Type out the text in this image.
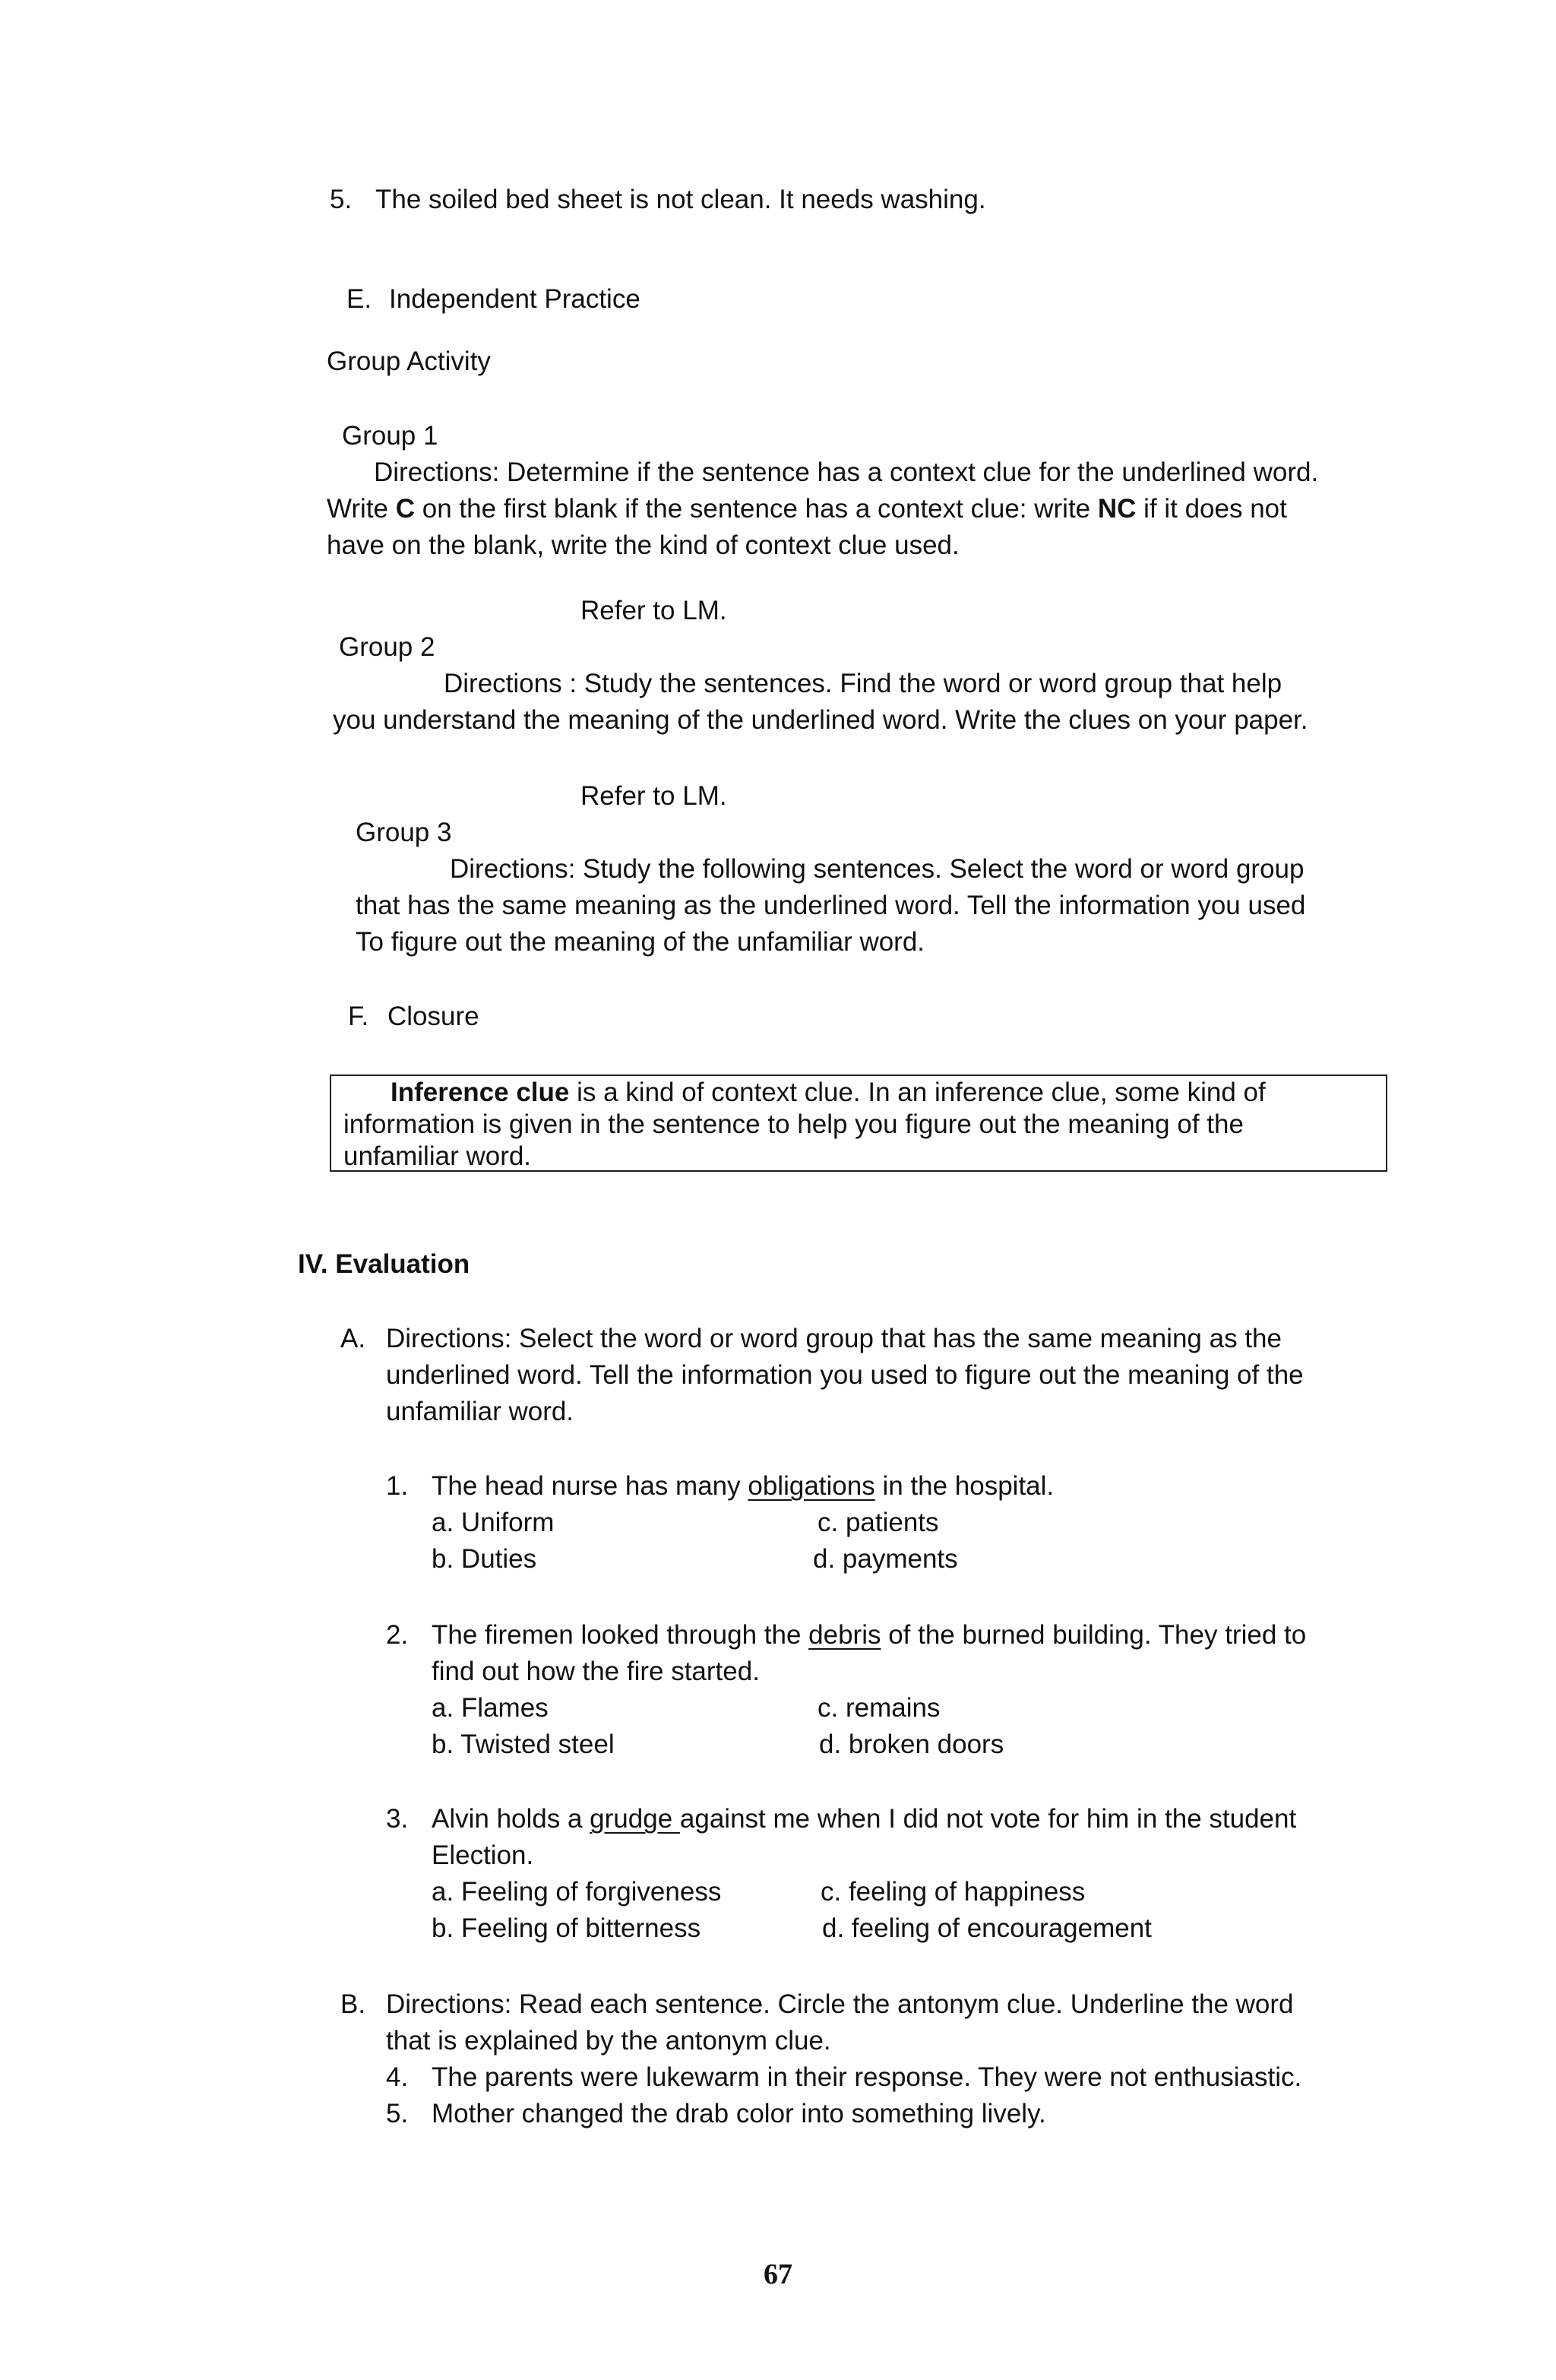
5. The soiled bed sheet is not clean. It needs washing.
E. Independent Practice
Group Activity
Group 1
Directions: Determine if the sentence has a context clue for the underlined word.
Write C on the first blank if the sentence has a context clue: write NC if it does not
have on the blank, write the kind of context clue used.
Refer to LM.
Group 2
Directions : Study the sentences. Find the word or word group that help
you understand the meaning of the underlined word. Write the clues on your paper.
Refer to LM.
Group 3
Directions: Study the following sentences. Select the word or word group
that has the same meaning as the underlined word. Tell the information you used
To figure out the meaning of the unfamiliar word.
F. Closure
Inference clue is a kind of context clue. In an inference clue, some kind of
information is given in the sentence to help you figure out the meaning of the
unfamiliar word.
IV. Evaluation
A. Directions: Select the word or word group that has the same meaning as the
underlined word. Tell the information you used to figure out the meaning of the
unfamiliar word.
1. The head nurse has many obligations in the hospital.
a. Uniform	c. patients
b. Duties	d. payments
2. The firemen looked through the debris of the burned building. They tried to
find out how the fire started.
a. Flames	c. remains
b. Twisted steel	d. broken doors
3. Alvin holds a grudge against me when I did not vote for him in the student
Election.
a. Feeling of forgiveness	c. feeling of happiness
b. Feeling of bitterness	d. feeling of encouragement
B. Directions: Read each sentence. Circle the antonym clue. Underline the word
that is explained by the antonym clue.
4. The parents were lukewarm in their response. They were not enthusiastic.
5. Mother changed the drab color into something lively.
67
